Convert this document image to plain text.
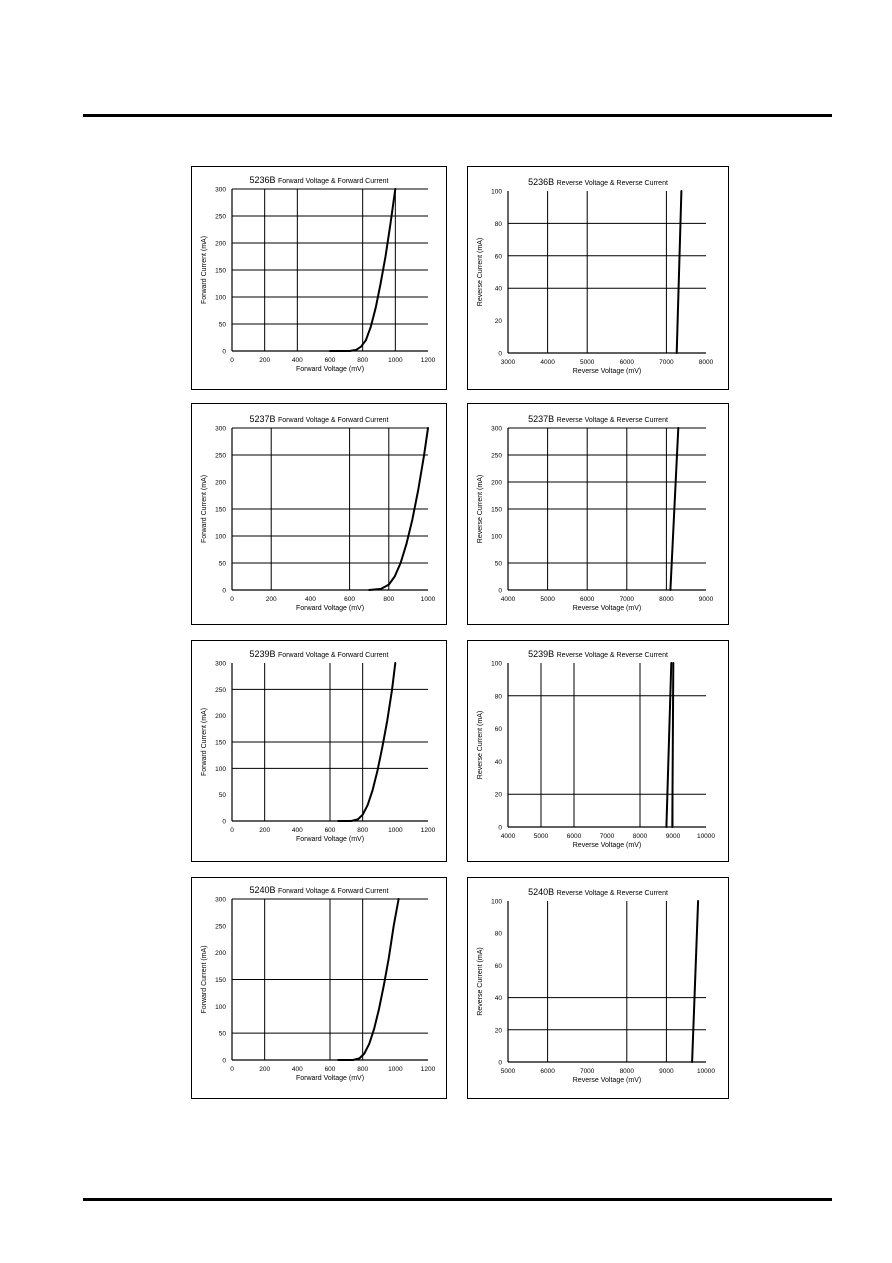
5236B Forward Voltage & Forward Current
0	200	400	600	800	1000	1200
0
50
100
150
200
250
300
Forward Voltage (mV)
Forward Current (mA)
5236B Reverse Voltage & Reverse Current
3000	4000	5000	6000	7000	8000
0
20
40
60
80
100
Reverse Voltage (mV)
Reverse Current (mA)
5237B Forward Voltage & Forward Current
0	200	400	600	800	1000
0
50
100
150
200
250
300
Forward Voltage (mV)
Forward Current (mA)
5237B Reverse Voltage & Reverse Current
4000	5000	6000	7000	8000	9000
0
50
100
150
200
250
300
Reverse Voltage (mV)
Reverse Current (mA)
5239B Forward Voltage & Forward Current
0	200	400	600	800	1000	1200
0
50
100
150
200
250
300
Forward Voltage (mV)
Forward Current (mA)
5239B Reverse Voltage & Reverse Current
4000	5000	6000	7000	8000	9000	10000
0
20
40
60
80
100
Reverse Voltage (mV)
Reverse Current (mA)
5240B Forward Voltage & Forward Current
0	200	400	600	800	1000	1200
0
50
100
150
200
250
300
Forward Voltage (mV)
Forward Current (mA)
5240B Reverse Voltage & Reverse Current
5000	6000	7000	8000	9000	10000
0
20
40
60
80
100
Reverse Voltage (mV)
Reverse Current (mA)
